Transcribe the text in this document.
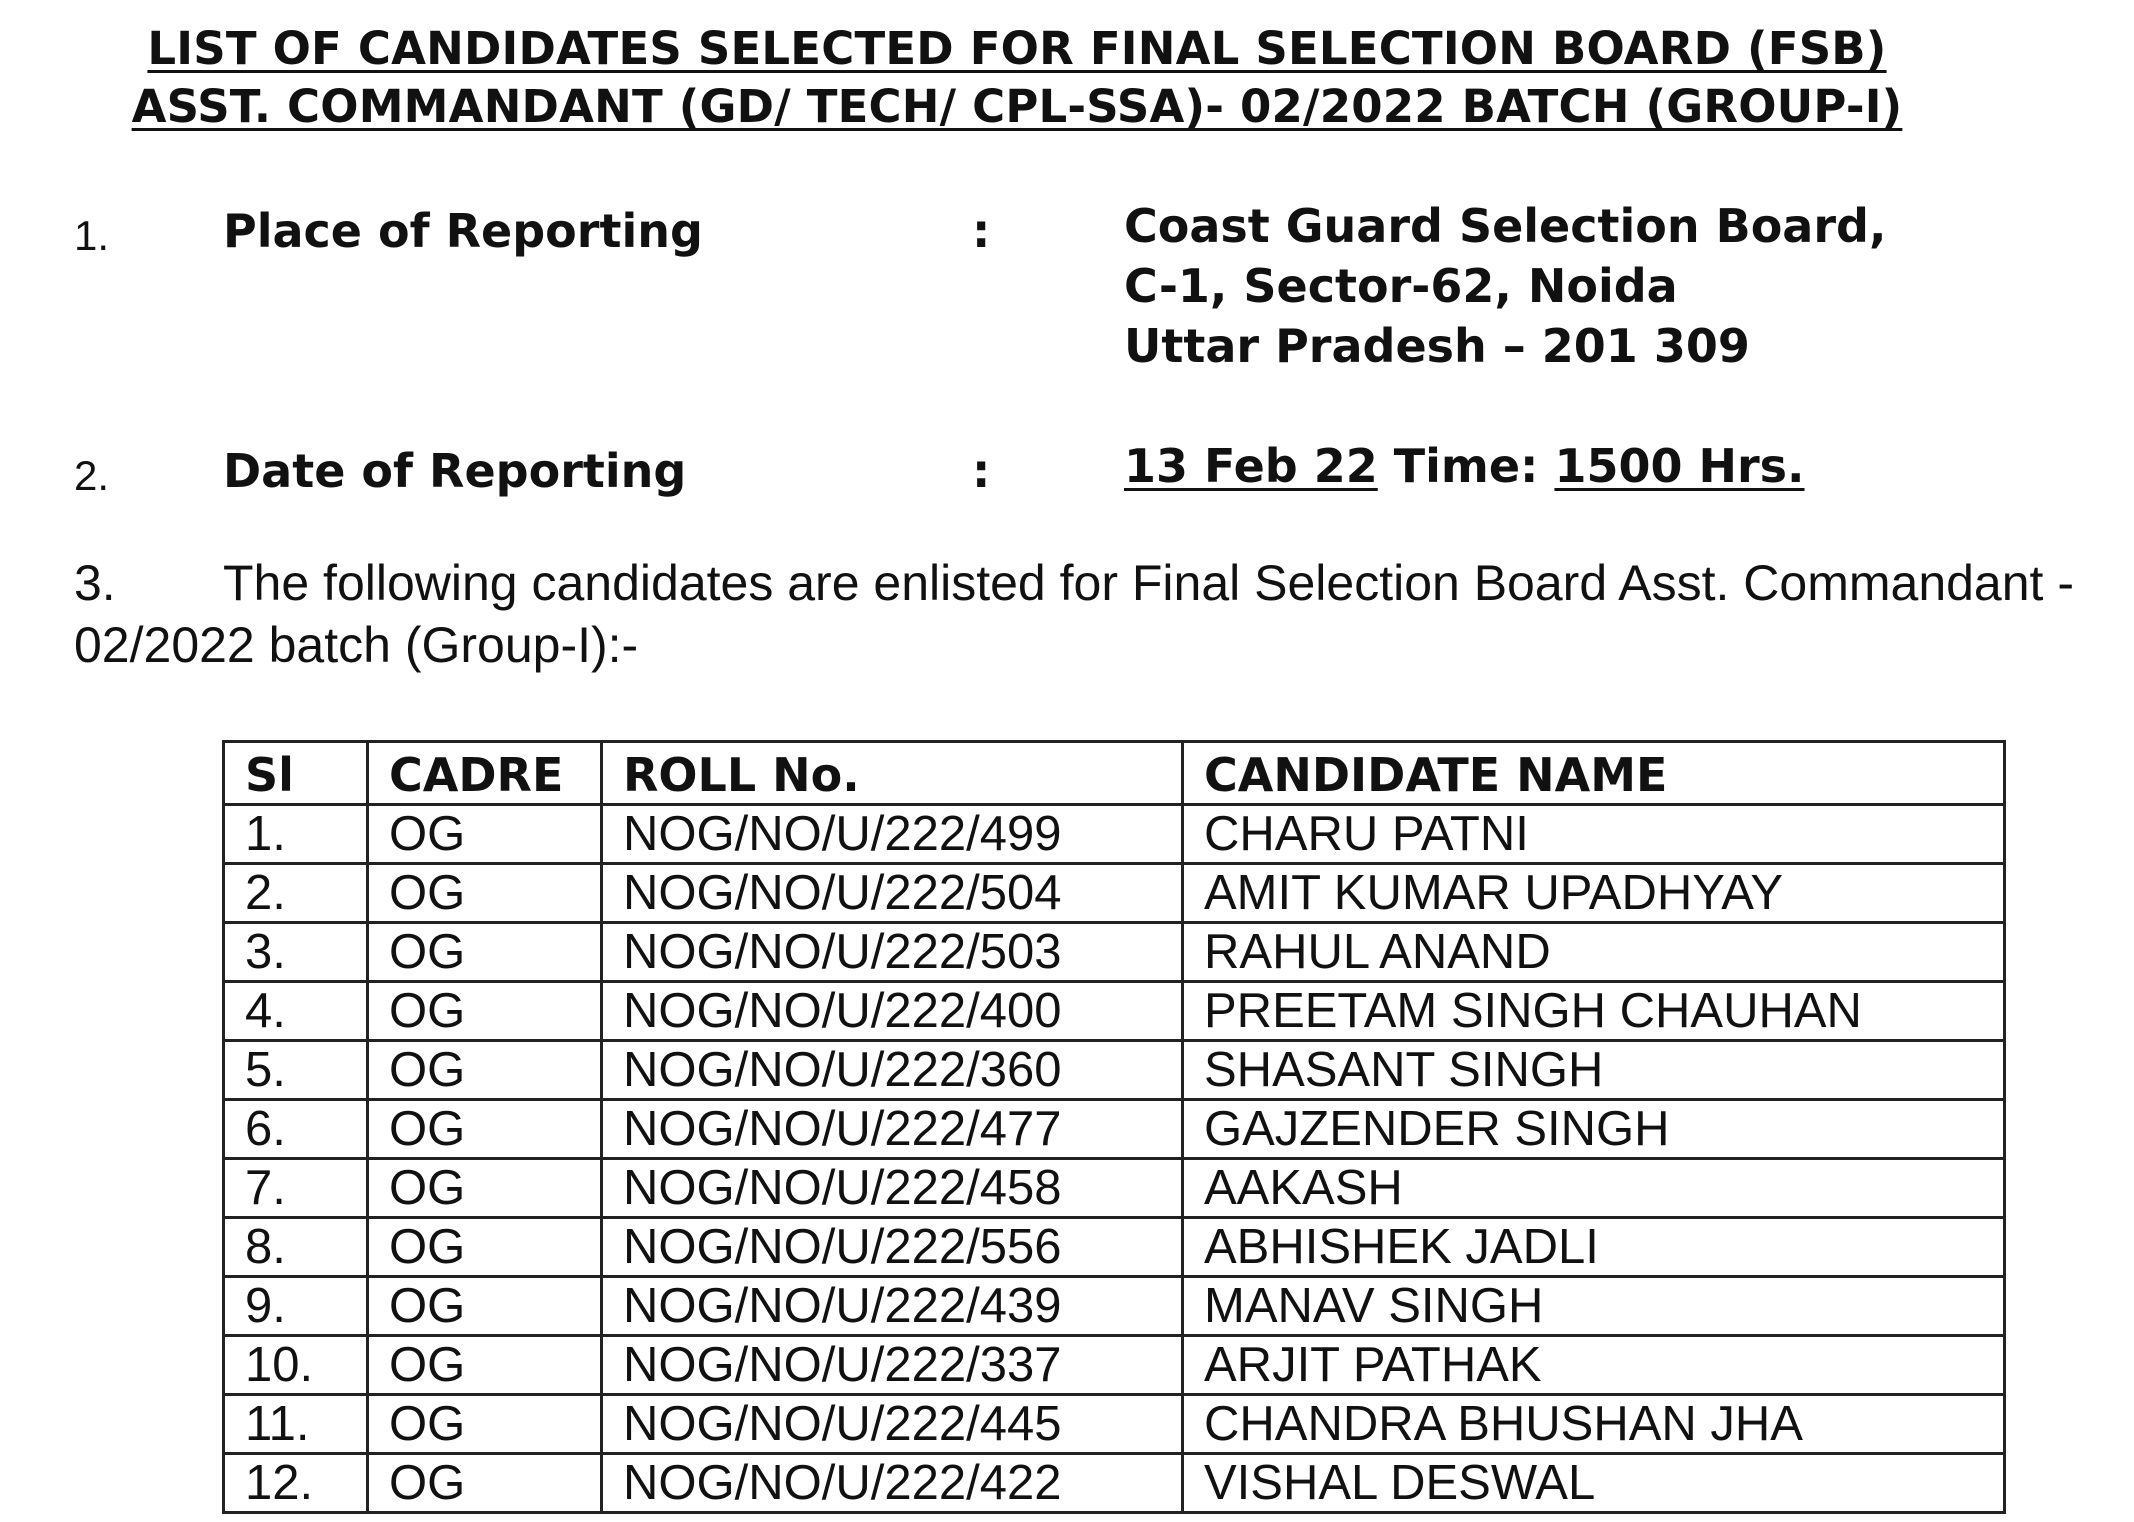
LIST OF CANDIDATES SELECTED FOR FINAL SELECTION BOARD (FSB)
ASST. COMMANDANT (GD/ TECH/ CPL-SSA)- 02/2022 BATCH (GROUP-I)
1. Place of Reporting	:	Coast Guard Selection Board,
C-1, Sector-62, Noida
Uttar Pradesh – 201 309
2. Date of Reporting	:	13 Feb 22 Time: 1500 Hrs.
3. The following candidates are enlisted for Final Selection Board Asst. Commandant - 02/2022 batch (Group-I):-
Sl	CADRE	ROLL No.	CANDIDATE NAME
1.	OG	NOG/NO/U/222/499	CHARU PATNI
2.	OG	NOG/NO/U/222/504	AMIT KUMAR UPADHYAY
3.	OG	NOG/NO/U/222/503	RAHUL ANAND
4.	OG	NOG/NO/U/222/400	PREETAM SINGH CHAUHAN
5.	OG	NOG/NO/U/222/360	SHASANT SINGH
6.	OG	NOG/NO/U/222/477	GAJZENDER SINGH
7.	OG	NOG/NO/U/222/458	AAKASH
8.	OG	NOG/NO/U/222/556	ABHISHEK JADLI
9.	OG	NOG/NO/U/222/439	MANAV SINGH
10.	OG	NOG/NO/U/222/337	ARJIT PATHAK
11.	OG	NOG/NO/U/222/445	CHANDRA BHUSHAN JHA
12.	OG	NOG/NO/U/222/422	VISHAL DESWAL
